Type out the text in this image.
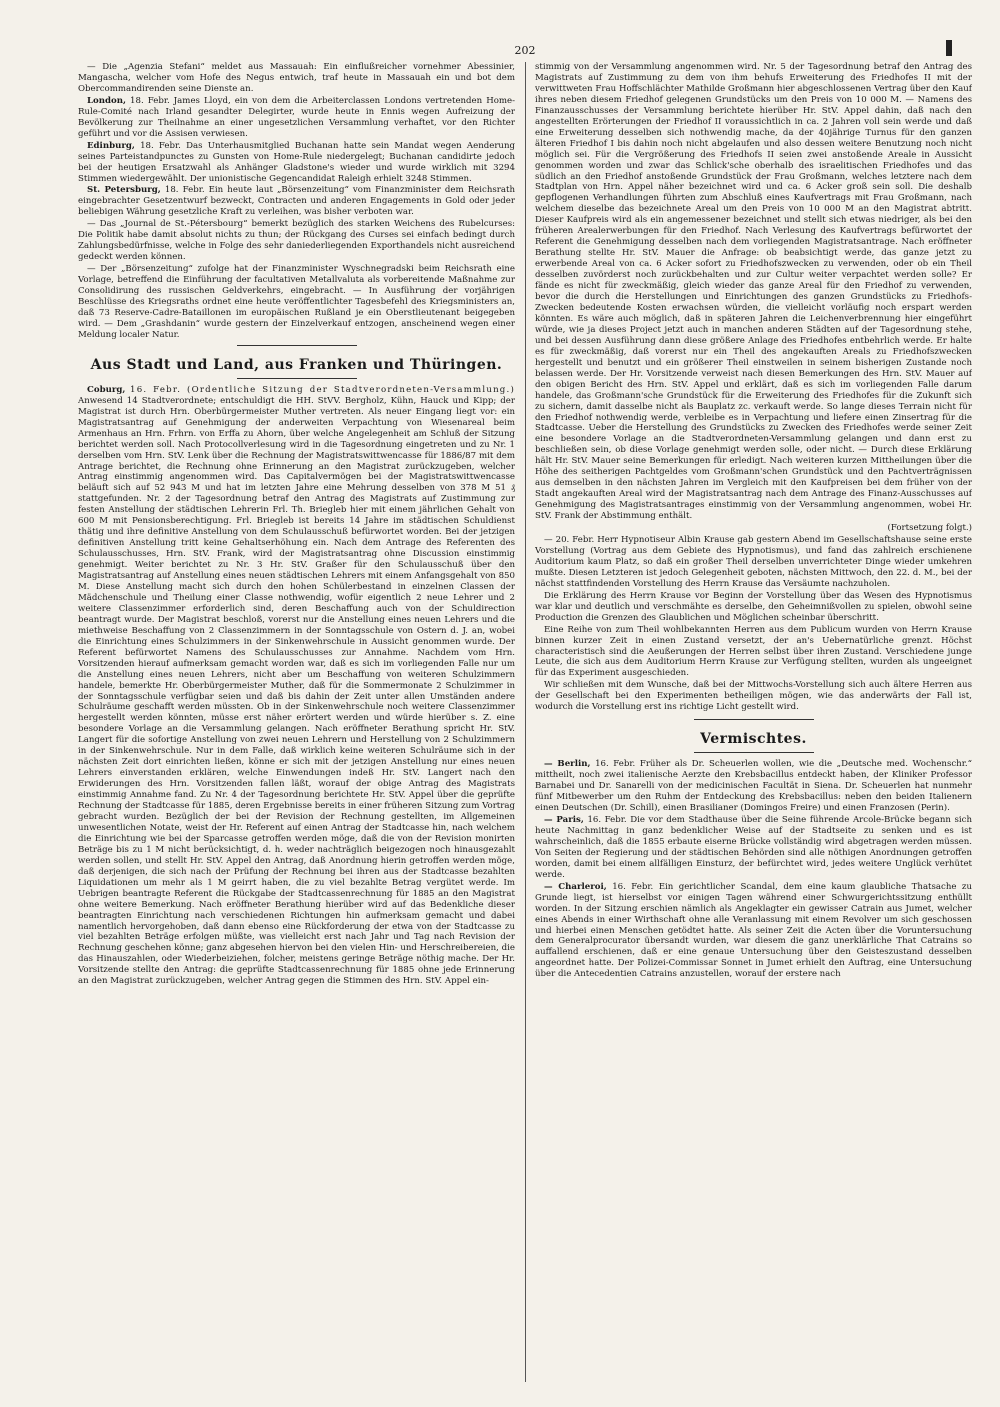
202

— Die „Agenzia Stefani“ meldet aus Massauah: Ein einflußreicher vornehmer Abessinier, Mangascha, welcher vom Hofe des Negus entwich, traf heute in Massauah ein und bot dem Obercommandirenden seine Dienste an.

London, 18. Febr. James Lloyd, ein von dem die Arbeiterclassen Londons vertretenden Home-Rule-Comité nach Irland gesandter Delegirter, wurde heute in Ennis wegen Aufreizung der Bevölkerung zur Theilnahme an einer ungesetzlichen Versammlung verhaftet, vor den Richter geführt und vor die Assisen verwiesen.

Edinburg, 18. Febr. Das Unterhausmitglied Buchanan hatte sein Mandat wegen Aenderung seines Parteistandpunctes zu Gunsten von Home-Rule niedergelegt; Buchanan candidirte jedoch bei der heutigen Ersatzwahl als Anhänger Gladstone's wieder und wurde wirklich mit 3294 Stimmen wiedergewählt. Der unionistische Gegencandidat Raleigh erhielt 3248 Stimmen.

St. Petersburg, 18. Febr. Ein heute laut „Börsenzeitung“ vom Finanzminister dem Reichsrath eingebrachter Gesetzentwurf bezweckt, Contracten und anderen Engagements in Gold oder jeder beliebigen Währung gesetzliche Kraft zu verleihen, was bisher verboten war.

— Das „Journal de St.-Pétersbourg“ bemerkt bezüglich des starken Weichens des Rubelcurses: Die Politik habe damit absolut nichts zu thun; der Rückgang des Curses sei einfach bedingt durch Zahlungsbedürfnisse, welche in Folge des sehr daniederliegenden Exporthandels nicht ausreichend gedeckt werden können.

— Der „Börsenzeitung“ zufolge hat der Finanzminister Wyschnegradski beim Reichsrath eine Vorlage, betreffend die Einführung der facultativen Metallvaluta als vorbereitende Maßnahme zur Consolidirung des russischen Geldverkehrs, eingebracht. — In Ausführung der vorjährigen Beschlüsse des Kriegsraths ordnet eine heute veröffentlichter Tagesbefehl des Kriegsministers an, daß 73 Reserve-Cadre-Bataillonen im europäischen Rußland je ein Oberstlieutenant beigegeben wird. — Dem „Grashdanin“ wurde gestern der Einzelverkauf entzogen, anscheinend wegen einer Meldung localer Natur.

Aus Stadt und Land, aus Franken und Thüringen.

Coburg, 16. Febr. (Ordentliche Sitzung der Stadtverordneten-Versammlung.) Anwesend 14 Stadtverordnete; entschuldigt die HH. StVV. Bergholz, Kühn, Hauck und Kipp; der Magistrat ist durch Hrn. Oberbürgermeister Muther vertreten. Als neuer Eingang liegt vor: ein Magistratsantrag auf Genehmigung der anderweiten Verpachtung von Wiesenareal beim Armenhaus an Hrn. Frhrn. von Erffa zu Ahorn, über welche Angelegenheit am Schluß der Sitzung berichtet werden soll. Nach Protocollverlesung wird in die Tagesordnung eingetreten und zu Nr. 1 derselben vom Hrn. StV. Lenk über die Rechnung der Magistratswittwencasse für 1886/87 mit dem Antrage berichtet, die Rechnung ohne Erinnerung an den Magistrat zurückzugeben, welcher Antrag einstimmig angenommen wird. Das Capitalvermögen bei der Magistratswittwencasse beläuft sich auf 52 943 M und hat im letzten Jahre eine Mehrung desselben von 378 M 51 ₰ stattgefunden. Nr. 2 der Tagesordnung betraf den Antrag des Magistrats auf Zustimmung zur festen Anstellung der städtischen Lehrerin Frl. Th. Briegleb hier mit einem jährlichen Gehalt von 600 M mit Pensionsberechtigung. Frl. Briegleb ist bereits 14 Jahre im städtischen Schuldienst thätig und ihre definitive Anstellung von dem Schulausschuß befürwortet worden. Bei der jetzigen definitiven Anstellung tritt keine Gehaltserhöhung ein. Nach dem Antrage des Referenten des Schulausschusses, Hrn. StV. Frank, wird der Magistratsantrag ohne Discussion einstimmig genehmigt. Weiter berichtet zu Nr. 3 Hr. StV. Graßer für den Schulausschuß über den Magistratsantrag auf Anstellung eines neuen städtischen Lehrers mit einem Anfangsgehalt von 850 M. Diese Anstellung macht sich durch den hohen Schülerbestand in einzelnen Classen der Mädchenschule und Theilung einer Classe nothwendig, wofür eigentlich 2 neue Lehrer und 2 weitere Classenzimmer erforderlich sind, deren Beschaffung auch von der Schuldirection beantragt wurde. Der Magistrat beschloß, vorerst nur die Anstellung eines neuen Lehrers und die miethweise Beschaffung von 2 Classenzimmern in der Sonntagsschule von Ostern d. J. an, wobei die Einrichtung eines Schulzimmers in der Sinkenwehrschule in Aussicht genommen wurde. Der Referent befürwortet Namens des Schulausschusses zur Annahme. Nachdem vom Hrn. Vorsitzenden hierauf aufmerksam gemacht worden war, daß es sich im vorliegenden Falle nur um die Anstellung eines neuen Lehrers, nicht aber um Beschaffung von weiteren Schulzimmern handele, bemerkte Hr. Oberbürgermeister Muther, daß für die Sommermonate 2 Schulzimmer in der Sonntagsschule verfügbar seien und daß bis dahin der Zeit unter allen Umständen andere Schulräume geschafft werden müssten. Ob in der Sinkenwehrschule noch weitere Classenzimmer hergestellt werden könnten, müsse erst näher erörtert werden und würde hierüber s. Z. eine besondere Vorlage an die Versammlung gelangen. Nach eröffneter Berathung spricht Hr. StV. Langert für die sofortige Anstellung von zwei neuen Lehrern und Herstellung von 2 Schulzimmern in der Sinkenwehrschule. Nur in dem Falle, daß wirklich keine weiteren Schulräume sich in der nächsten Zeit dort einrichten ließen, könne er sich mit der jetzigen Anstellung nur eines neuen Lehrers einverstanden erklären, welche Einwendungen indeß Hr. StV. Langert nach den Erwiderungen des Hrn. Vorsitzenden fallen läßt, worauf der obige Antrag des Magistrats einstimmig Annahme fand. Zu Nr. 4 der Tagesordnung berichtete Hr. StV. Appel über die geprüfte Rechnung der Stadtcasse für 1885, deren Ergebnisse bereits in einer früheren Sitzung zum Vortrag gebracht wurden. Bezüglich der bei der Revision der Rechnung gestellten, im Allgemeinen unwesentlichen Notate, weist der Hr. Referent auf einen Antrag der Stadtcasse hin, nach welchem die Einrichtung wie bei der Sparcasse getroffen werden möge, daß die von der Revision monirten Beträge bis zu 1 M nicht berücksichtigt, d. h. weder nachträglich beigezogen noch hinausgezahlt werden sollen, und stellt Hr. StV. Appel den Antrag, daß Anordnung hierin getroffen werden möge, daß derjenigen, die sich nach der Prüfung der Rechnung bei ihren aus der Stadtcasse bezahlten Liquidationen um mehr als 1 M geirrt haben, die zu viel bezahlte Betrag vergütet werde. Im Uebrigen beantragte Referent die Rückgabe der Stadtcassenrechnung für 1885 an den Magistrat ohne weitere Bemerkung. Nach eröffneter Berathung hierüber wird auf das Bedenkliche dieser beantragten Einrichtung nach verschiedenen Richtungen hin aufmerksam gemacht und dabei namentlich hervorgehoben, daß dann ebenso eine Rückforderung der etwa von der Stadtcasse zu viel bezahlten Beträge erfolgen müßte, was vielleicht erst nach Jahr und Tag nach Revision der Rechnung geschehen könne; ganz abgesehen hiervon bei den vielen Hin- und Herschreibereien, die das Hinauszahlen, oder Wiederbeiziehen, folcher, meistens geringe Beträge nöthig mache. Der Hr. Vorsitzende stellte den Antrag: die geprüfte Stadtcassenrechnung für 1885 ohne jede Erinnerung an den Magistrat zurückzugeben, welcher Antrag gegen die Stimmen des Hrn. StV. Appel ein-

stimmig von der Versammlung angenommen wird. Nr. 5 der Tagesordnung betraf den Antrag des Magistrats auf Zustimmung zu dem von ihm behufs Erweiterung des Friedhofes II mit der verwittweten Frau Hoffschlächter Mathilde Großmann hier abgeschlossenen Vertrag über den Kauf ihres neben diesem Friedhof gelegenen Grundstücks um den Preis von 10 000 M. — Namens des Finanzausschusses der Versammlung berichtete hierüber Hr. StV. Appel dahin, daß nach den angestellten Erörterungen der Friedhof II voraussichtlich in ca. 2 Jahren voll sein werde und daß eine Erweiterung desselben sich nothwendig mache, da der 40jährige Turnus für den ganzen älteren Friedhof I bis dahin noch nicht abgelaufen und also dessen weitere Benutzung noch nicht möglich sei. Für die Vergrößerung des Friedhofs II seien zwei anstoßende Areale in Aussicht genommen worden und zwar das Schlick'sche oberhalb des israelitischen Friedhofes und das südlich an den Friedhof anstoßende Grundstück der Frau Großmann, welches letztere nach dem Stadtplan von Hrn. Appel näher bezeichnet wird und ca. 6 Acker groß sein soll. Die deshalb gepflogenen Verhandlungen führten zum Abschluß eines Kaufvertrags mit Frau Großmann, nach welchem dieselbe das bezeichnete Areal um den Preis von 10 000 M an den Magistrat abtritt. Dieser Kaufpreis wird als ein angemessener bezeichnet und stellt sich etwas niedriger, als bei den früheren Arealerwerbungen für den Friedhof. Nach Verlesung des Kaufvertrags befürwortet der Referent die Genehmigung desselben nach dem vorliegenden Magistratsantrage. Nach eröffneter Berathung stellte Hr. StV. Mauer die Anfrage: ob beabsichtigt werde, das ganze jetzt zu erwerbende Areal von ca. 6 Acker sofort zu Friedhofszwecken zu verwenden, oder ob ein Theil desselben zuvörderst noch zurückbehalten und zur Cultur weiter verpachtet werden solle? Er fände es nicht für zweckmäßig, gleich wieder das ganze Areal für den Friedhof zu verwenden, bevor die durch die Herstellungen und Einrichtungen des ganzen Grundstücks zu Friedhofs-Zwecken bedeutende Kosten erwachsen würden, die vielleicht vorläufig noch erspart werden könnten. Es wäre auch möglich, daß in späteren Jahren die Leichenverbrennung hier eingeführt würde, wie ja dieses Project jetzt auch in manchen anderen Städten auf der Tagesordnung stehe, und bei dessen Ausführung dann diese größere Anlage des Friedhofes entbehrlich werde. Er halte es für zweckmäßig, daß vorerst nur ein Theil des angekauften Areals zu Friedhofszwecken hergestellt und benutzt und ein größerer Theil einstweilen in seinem bisherigen Zustande noch belassen werde. Der Hr. Vorsitzende verweist nach diesen Bemerkungen des Hrn. StV. Mauer auf den obigen Bericht des Hrn. StV. Appel und erklärt, daß es sich im vorliegenden Falle darum handele, das Großmann'sche Grundstück für die Erweiterung des Friedhofes für die Zukunft sich zu sichern, damit dasselbe nicht als Bauplatz zc. verkauft werde. So lange dieses Terrain nicht für den Friedhof nothwendig werde, verbleibe es in Verpachtung und liefere einen Zinsertrag für die Stadtcasse. Ueber die Herstellung des Grundstücks zu Zwecken des Friedhofes werde seiner Zeit eine besondere Vorlage an die Stadtverordneten-Versammlung gelangen und dann erst zu beschließen sein, ob diese Vorlage genehmigt werden solle, oder nicht. — Durch diese Erklärung hält Hr. StV. Mauer seine Bemerkungen für erledigt. Nach weiteren kurzen Mittheilungen über die Höhe des seitherigen Pachtgeldes vom Großmann'schen Grundstück und den Pachtverträgnissen aus demselben in den nächsten Jahren im Vergleich mit den Kaufpreisen bei dem früher von der Stadt angekauften Areal wird der Magistratsantrag nach dem Antrage des Finanz-Ausschusses auf Genehmigung des Magistratsantrages einstimmig von der Versammlung angenommen, wobei Hr. StV. Frank der Abstimmung enthält.

(Fortsetzung folgt.)

— 20. Febr. Herr Hypnotiseur Albin Krause gab gestern Abend im Gesellschaftshause seine erste Vorstellung (Vortrag aus dem Gebiete des Hypnotismus), und fand das zahlreich erschienene Auditorium kaum Platz, so daß ein großer Theil derselben unverrichteter Dinge wieder umkehren mußte. Diesen Letzteren ist jedoch Gelegenheit geboten, nächsten Mittwoch, den 22. d. M., bei der nächst stattfindenden Vorstellung des Herrn Krause das Versäumte nachzuholen.

Die Erklärung des Herrn Krause vor Beginn der Vorstellung über das Wesen des Hypnotismus war klar und deutlich und verschmähte es derselbe, den Geheimnißvollen zu spielen, obwohl seine Production die Grenzen des Glaublichen und Möglichen scheinbar überschritt.

Eine Reihe von zum Theil wohlbekannten Herren aus dem Publicum wurden von Herrn Krause binnen kurzer Zeit in einen Zustand versetzt, der an's Uebernatürliche grenzt. Höchst characteristisch sind die Aeußerungen der Herren selbst über ihren Zustand. Verschiedene junge Leute, die sich aus dem Auditorium Herrn Krause zur Verfügung stellten, wurden als ungeeignet für das Experiment ausgeschieden.

Wir schließen mit dem Wunsche, daß bei der Mittwochs-Vorstellung sich auch ältere Herren aus der Gesellschaft bei den Experimenten betheiligen mögen, wie das anderwärts der Fall ist, wodurch die Vorstellung erst ins richtige Licht gestellt wird.

Vermischtes.

— Berlin, 16. Febr. Früher als Dr. Scheuerlen wollen, wie die „Deutsche med. Wochenschr.“ mittheilt, noch zwei italienische Aerzte den Krebsbacillus entdeckt haben, der Kliniker Professor Barnabei und Dr. Sanarelli von der medicinischen Facultät in Siena. Dr. Scheuerlen hat nunmehr fünf Mitbewerber um den Ruhm der Entdeckung des Krebsbacillus: neben den beiden Italienern einen Deutschen (Dr. Schill), einen Brasilianer (Domingos Freire) und einen Franzosen (Perin).

— Paris, 16. Febr. Die vor dem Stadthause über die Seine führende Arcole-Brücke begann sich heute Nachmittag in ganz bedenklicher Weise auf der Stadtseite zu senken und es ist wahrscheinlich, daß die 1855 erbaute eiserne Brücke vollständig wird abgetragen werden müssen. Von Seiten der Regierung und der städtischen Behörden sind alle nöthigen Anordnungen getroffen worden, damit bei einem allfälligen Einsturz, der befürchtet wird, jedes weitere Unglück verhütet werde.

— Charleroi, 16. Febr. Ein gerichtlicher Scandal, dem eine kaum glaubliche Thatsache zu Grunde liegt, ist hierselbst vor einigen Tagen während einer Schwurgerichtssitzung enthüllt worden. In der Sitzung erschien nämlich als Angeklagter ein gewisser Catrain aus Jumet, welcher eines Abends in einer Wirthschaft ohne alle Veranlassung mit einem Revolver um sich geschossen und hierbei einen Menschen getödtet hatte. Als seiner Zeit die Acten über die Voruntersuchung dem Generalprocurator übersandt wurden, war diesem die ganz unerklärliche That Catrains so auffallend erschienen, daß er eine genaue Untersuchung über den Geisteszustand desselben angeordnet hatte. Der Polizei-Commissar Sonnet in Jumet erhielt den Auftrag, eine Untersuchung über die Antecedentien Catrains anzustellen, worauf der erstere nach
